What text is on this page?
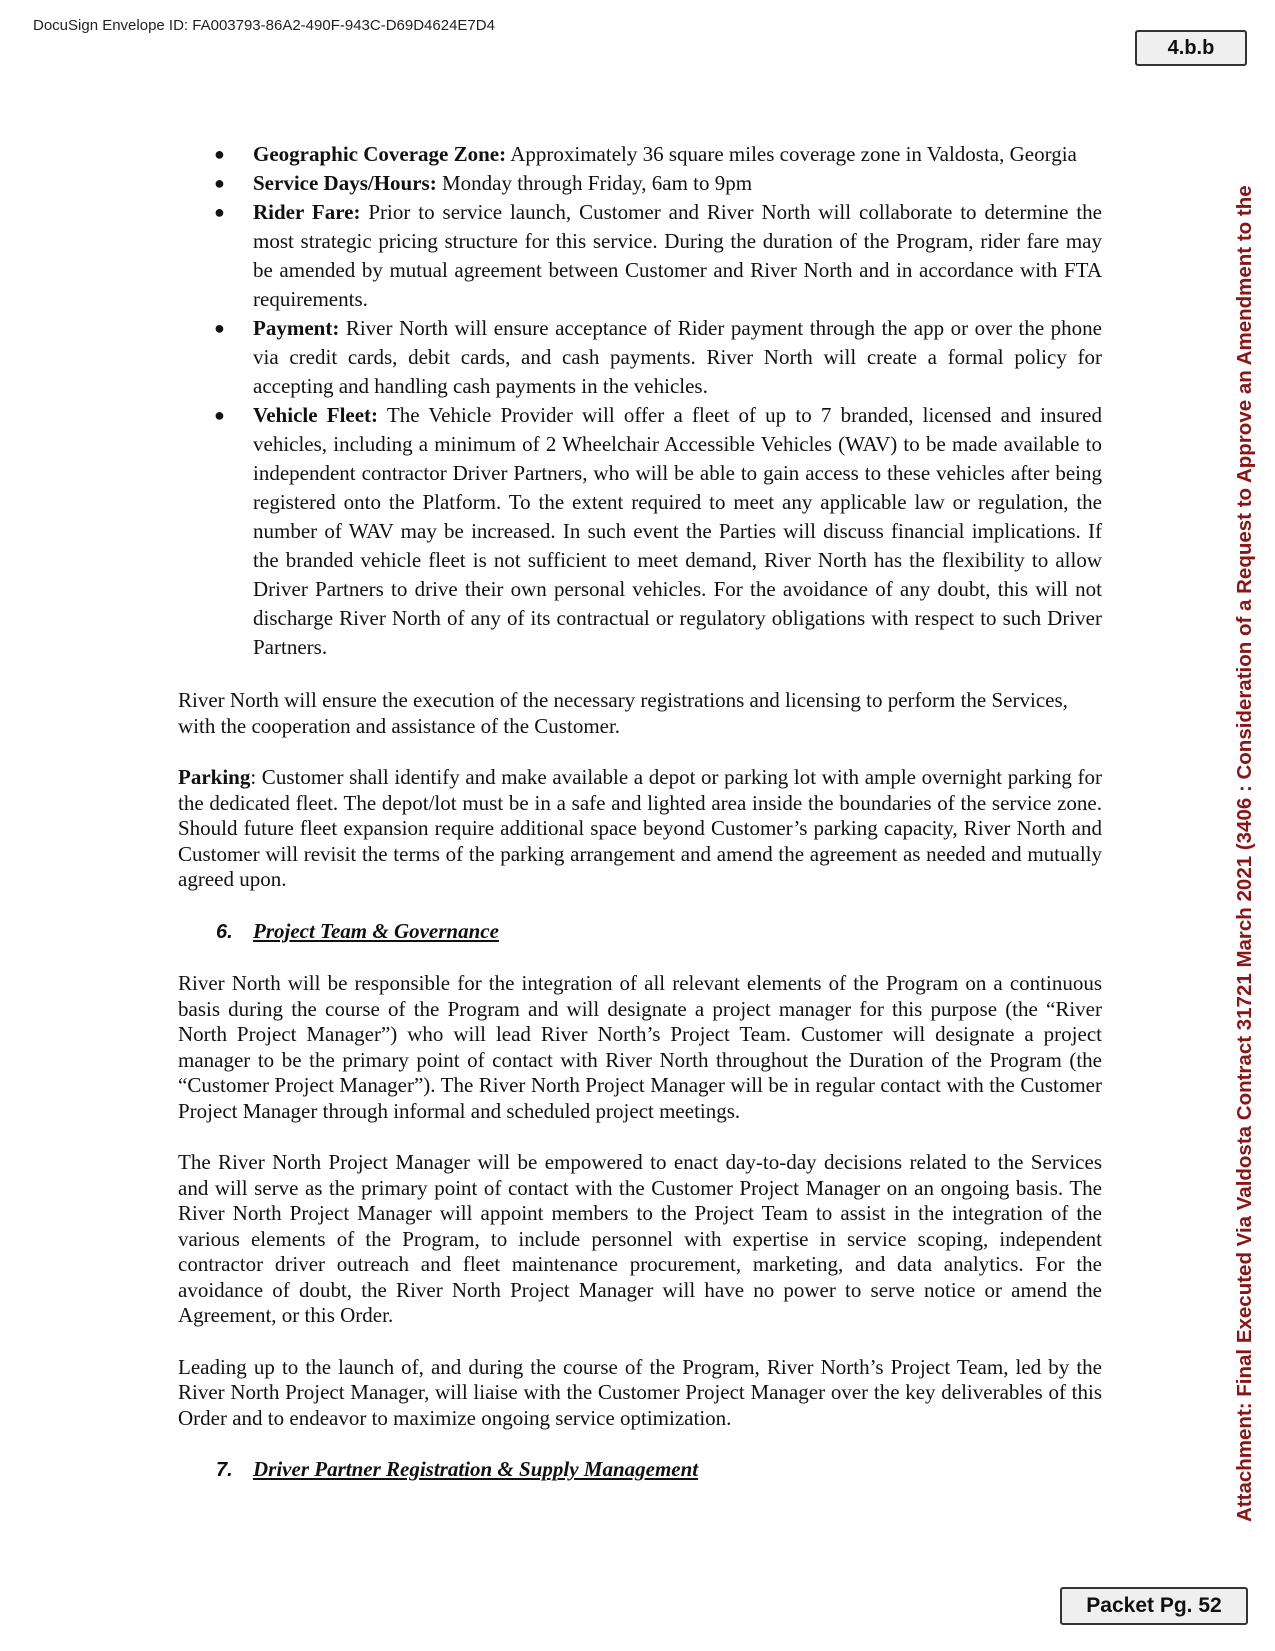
DocuSign Envelope ID: FA003793-86A2-490F-943C-D69D4624E7D4
4.b.b
Attachment: Final Executed Via Valdosta Contract 31721 March 2021 (3406 : Consideration of a Request to Approve an Amendment to the
● Geographic Coverage Zone: Approximately 36 square miles coverage zone in Valdosta, Georgia
● Service Days/Hours: Monday through Friday, 6am to 9pm
● Rider Fare: Prior to service launch, Customer and River North will collaborate to determine the most strategic pricing structure for this service. During the duration of the Program, rider fare may be amended by mutual agreement between Customer and River North and in accordance with FTA requirements.
● Payment: River North will ensure acceptance of Rider payment through the app or over the phone via credit cards, debit cards, and cash payments. River North will create a formal policy for accepting and handling cash payments in the vehicles.
● Vehicle Fleet: The Vehicle Provider will offer a fleet of up to 7 branded, licensed and insured vehicles, including a minimum of 2 Wheelchair Accessible Vehicles (WAV) to be made available to independent contractor Driver Partners, who will be able to gain access to these vehicles after being registered onto the Platform. To the extent required to meet any applicable law or regulation, the number of WAV may be increased. In such event the Parties will discuss financial implications. If the branded vehicle fleet is not sufficient to meet demand, River North has the flexibility to allow Driver Partners to drive their own personal vehicles. For the avoidance of any doubt, this will not discharge River North of any of its contractual or regulatory obligations with respect to such Driver Partners.

River North will ensure the execution of the necessary registrations and licensing to perform the Services, with the cooperation and assistance of the Customer.

Parking: Customer shall identify and make available a depot or parking lot with ample overnight parking for the dedicated fleet. The depot/lot must be in a safe and lighted area inside the boundaries of the service zone. Should future fleet expansion require additional space beyond Customer’s parking capacity, River North and Customer will revisit the terms of the parking arrangement and amend the agreement as needed and mutually agreed upon.

6. Project Team & Governance

River North will be responsible for the integration of all relevant elements of the Program on a continuous basis during the course of the Program and will designate a project manager for this purpose (the “River North Project Manager”) who will lead River North’s Project Team. Customer will designate a project manager to be the primary point of contact with River North throughout the Duration of the Program (the “Customer Project Manager”). The River North Project Manager will be in regular contact with the Customer Project Manager through informal and scheduled project meetings.

The River North Project Manager will be empowered to enact day-to-day decisions related to the Services and will serve as the primary point of contact with the Customer Project Manager on an ongoing basis. The River North Project Manager will appoint members to the Project Team to assist in the integration of the various elements of the Program, to include personnel with expertise in service scoping, independent contractor driver outreach and fleet maintenance procurement, marketing, and data analytics. For the avoidance of doubt, the River North Project Manager will have no power to serve notice or amend the Agreement, or this Order.

Leading up to the launch of, and during the course of the Program, River North’s Project Team, led by the River North Project Manager, will liaise with the Customer Project Manager over the key deliverables of this Order and to endeavor to maximize ongoing service optimization.

7. Driver Partner Registration & Supply Management
Packet Pg. 52
